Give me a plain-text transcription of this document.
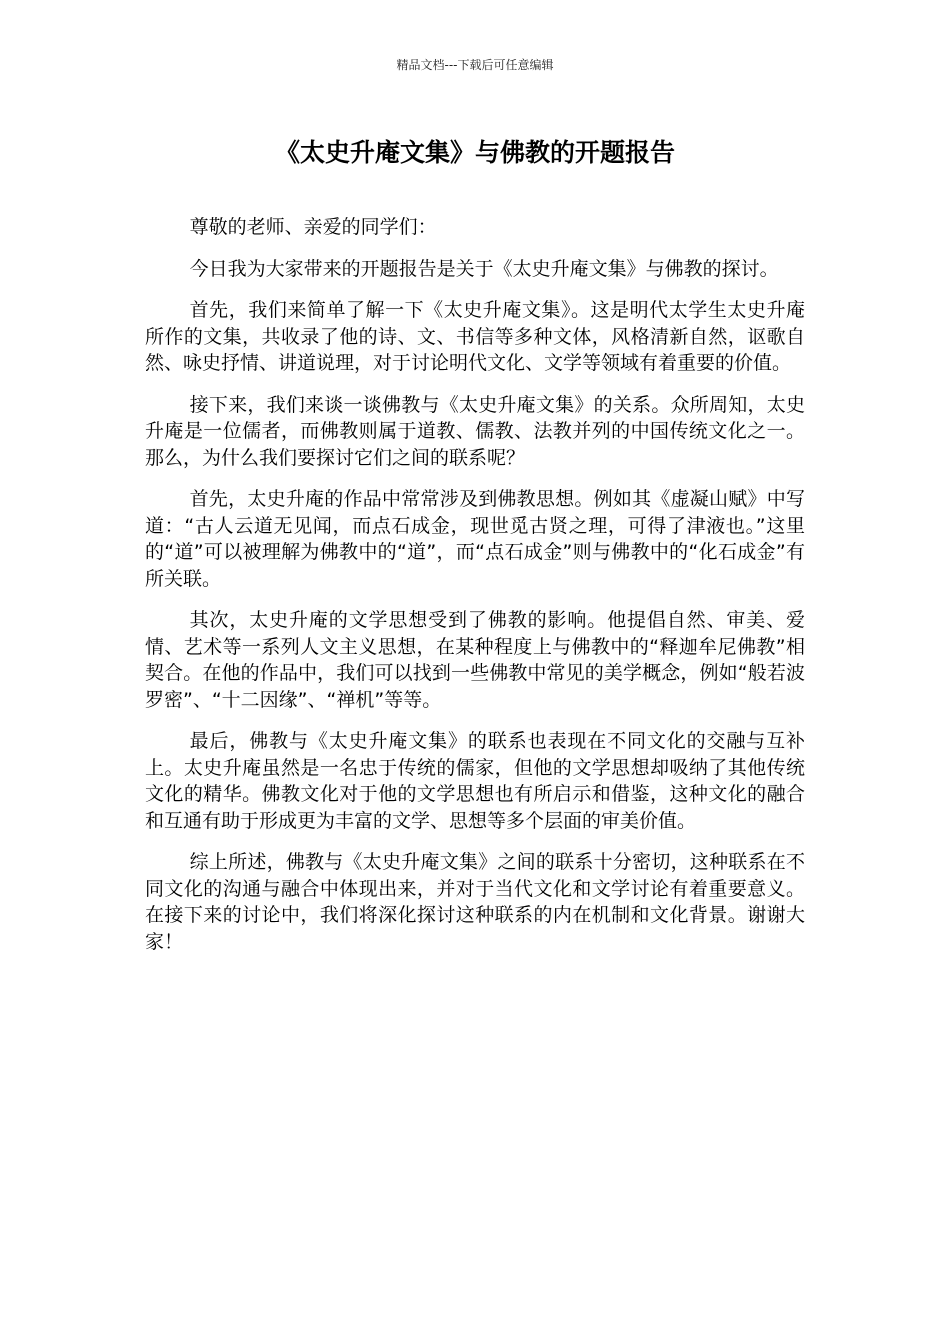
精品文档---下载后可任意编辑
《太史升庵文集》与佛教的开题报告

尊敬的老师、亲爱的同学们：

今日我为大家带来的开题报告是关于《太史升庵文集》与佛教的探讨。

首先，我们来简单了解一下《太史升庵文集》。这是明代太学生太史升庵所作的文集，共收录了他的诗、文、书信等多种文体，风格清新自然，讴歌自然、咏史抒情、讲道说理，对于讨论明代文化、文学等领域有着重要的价值。

接下来，我们来谈一谈佛教与《太史升庵文集》的关系。众所周知，太史升庵是一位儒者，而佛教则属于道教、儒教、法教并列的中国传统文化之一。那么，为什么我们要探讨它们之间的联系呢？

首先，太史升庵的作品中常常涉及到佛教思想。例如其《虚凝山赋》中写道：“古人云道无见闻，而点石成金，现世觅古贤之理，可得了津液也。”这里的“道”可以被理解为佛教中的“道”，而“点石成金”则与佛教中的“化石成金”有所关联。

其次，太史升庵的文学思想受到了佛教的影响。他提倡自然、审美、爱情、艺术等一系列人文主义思想，在某种程度上与佛教中的“释迦牟尼佛教”相契合。在他的作品中，我们可以找到一些佛教中常见的美学概念，例如“般若波罗密”、“十二因缘”、“禅机”等等。

最后，佛教与《太史升庵文集》的联系也表现在不同文化的交融与互补上。太史升庵虽然是一名忠于传统的儒家，但他的文学思想却吸纳了其他传统文化的精华。佛教文化对于他的文学思想也有所启示和借鉴，这种文化的融合和互通有助于形成更为丰富的文学、思想等多个层面的审美价值。

综上所述，佛教与《太史升庵文集》之间的联系十分密切，这种联系在不同文化的沟通与融合中体现出来，并对于当代文化和文学讨论有着重要意义。在接下来的讨论中，我们将深化探讨这种联系的内在机制和文化背景。谢谢大家！
